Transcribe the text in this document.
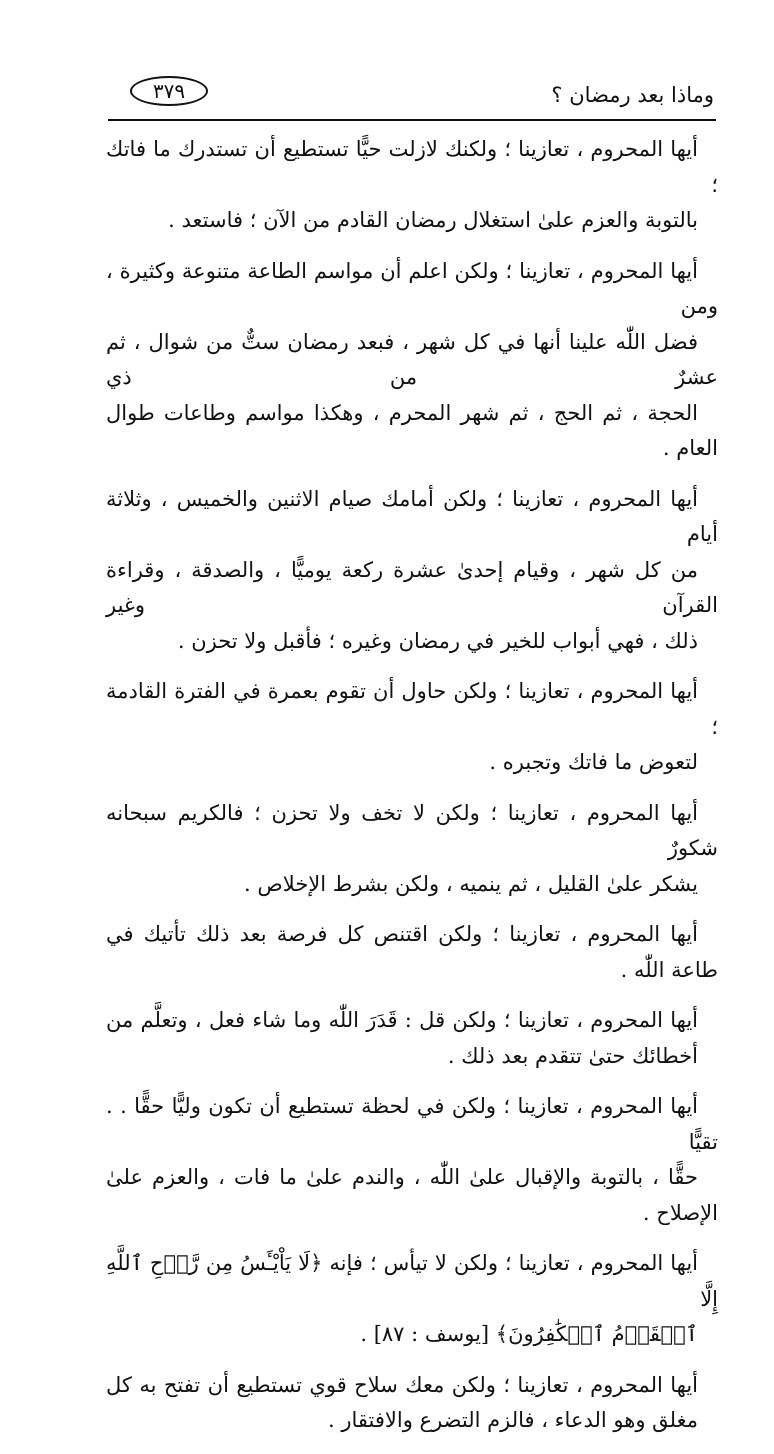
وماذا بعد رمضان ؟
٣٧٩

أيها المحروم ، تعازينا ؛ ولكنك لازلت حيًّا تستطيع أن تستدرك ما فاتك ؛
بالتوبة والعزم علىٰ استغلال رمضان القادم من الآن ؛ فاستعد .

أيها المحروم ، تعازينا ؛ ولكن اعلم أن مواسم الطاعة متنوعة وكثيرة ، ومن
فضل اللّٰه علينا أنها في كل شهر ، فبعد رمضان ستٌّ من شوال ، ثم عشرٌ من ذي
الحجة ، ثم الحج ، ثم شهر المحرم ، وهكذا مواسم وطاعات طوال العام .

أيها المحروم ، تعازينا ؛ ولكن أمامك صيام الاثنين والخميس ، وثلاثة أيام
من كل شهر ، وقيام إحدىٰ عشرة ركعة يوميًّا ، والصدقة ، وقراءة القرآن وغير
ذلك ، فهي أبواب للخير في رمضان وغيره ؛ فأقبل ولا تحزن .

أيها المحروم ، تعازينا ؛ ولكن حاول أن تقوم بعمرة في الفترة القادمة ؛
لتعوض ما فاتك وتجبره .

أيها المحروم ، تعازينا ؛ ولكن لا تخف ولا تحزن ؛ فالكريم سبحانه شكورٌ
يشكر علىٰ القليل ، ثم ينميه ، ولكن بشرط الإخلاص .

أيها المحروم ، تعازينا ؛ ولكن اقتنص كل فرصة بعد ذلك تأتيك في طاعة اللّٰه .

أيها المحروم ، تعازينا ؛ ولكن قل : قَدَرَ اللّٰه وما شاء فعل ، وتعلَّم من
أخطائك حتىٰ تتقدم بعد ذلك .

أيها المحروم ، تعازينا ؛ ولكن في لحظة تستطيع أن تكون وليًّا حقًّا . . تقيًّا
حقًّا ، بالتوبة والإقبال علىٰ اللّٰه ، والندم علىٰ ما فات ، والعزم علىٰ الإصلاح .

أيها المحروم ، تعازينا ؛ ولكن لا تيأس ؛ فإنه ﴿لَا يَاْيْـَٔسُ مِن رَّوۡحِ ٱللَّهِ إِلَّا
ٱلۡقَوۡمُ ٱلۡكَٰفِرُونَ﴾ [يوسف : ٨٧] .

أيها المحروم ، تعازينا ؛ ولكن معك سلاح قوي تستطيع أن تفتح به كل
مغلق وهو الدعاء ، فالزم التضرع والافتقار .
